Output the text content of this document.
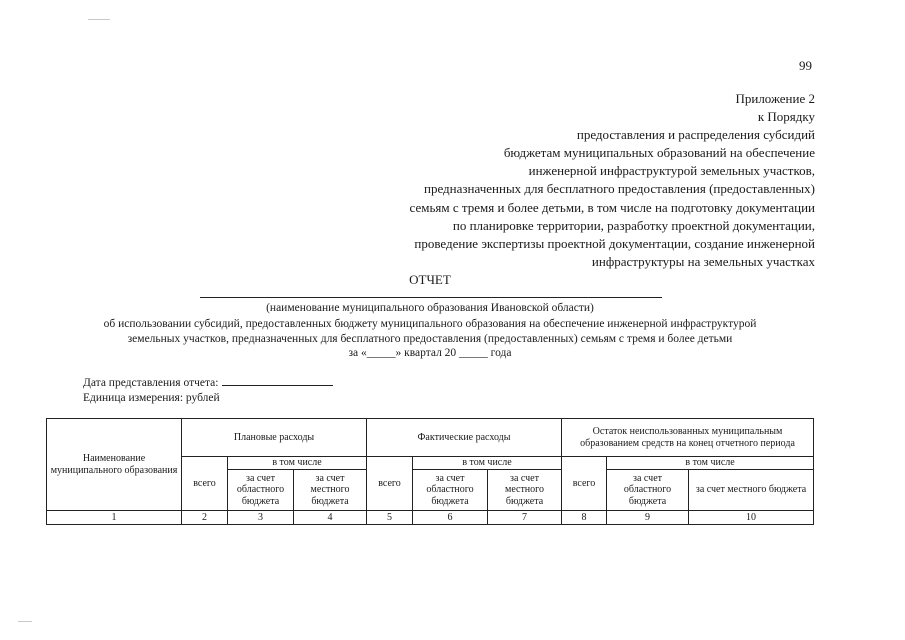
99
Приложение 2
к Порядку
предоставления и распределения субсидий
бюджетам муниципальных образований на обеспечение
инженерной инфраструктурой земельных участков,
предназначенных для бесплатного предоставления (предоставленных)
семьям с тремя и более детьми, в том числе на подготовку документации
по планировке территории, разработку проектной документации,
проведение экспертизы проектной документации, создание инженерной
инфраструктуры на земельных участках
ОТЧЕТ
(наименование муниципального образования Ивановской области)
об использовании субсидий, предоставленных бюджету муниципального образования на обеспечение инженерной инфраструктурой
земельных участков, предназначенных для бесплатного предоставления (предоставленных) семьям с тремя и более детьми
за «_____» квартал 20 _____ года
Дата представления отчета:
Единица измерения: рублей
Наименование муниципального образования	Плановые расходы			Фактические расходы			Остаток неиспользованных муниципальным образованием средств на конец отчетного периода		
	всего	в том числе		всего	в том числе		всего	в том числе	
		за счет областного бюджета	за счет местного бюджета		за счет областного бюджета	за счет местного бюджета		за счет областного бюджета	за счет местного бюджета
1	2	3	4	5	6	7	8	9	10
